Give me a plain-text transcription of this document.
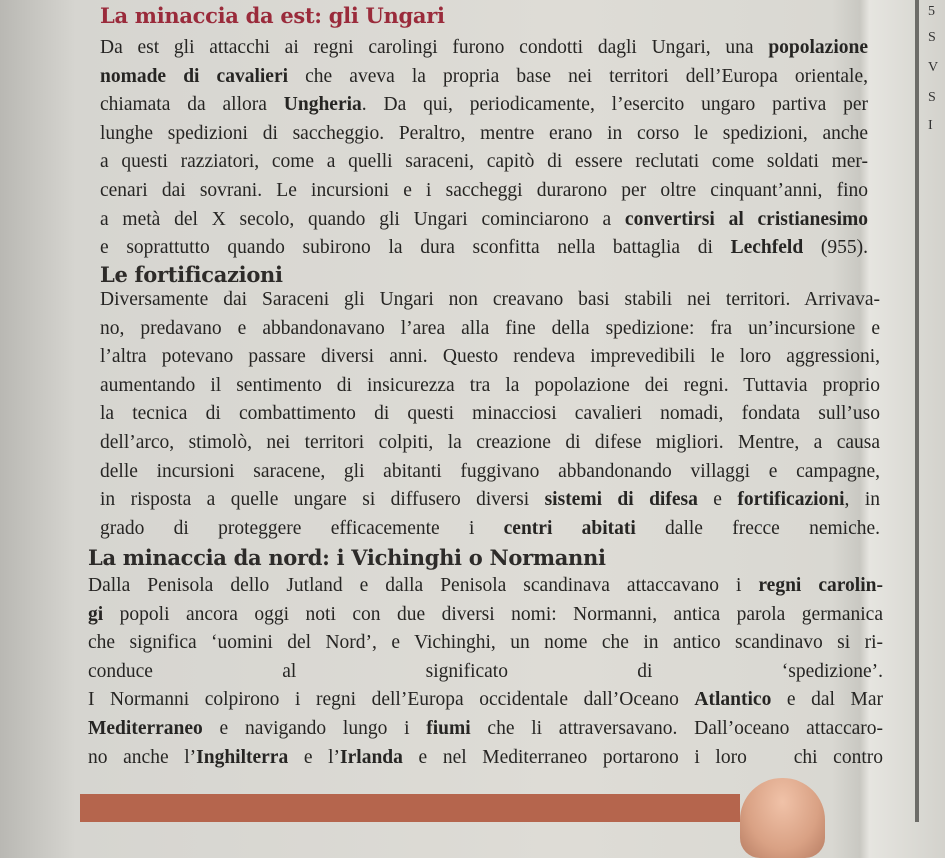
La minaccia da est: gli Ungari
Da est gli attacchi ai regni carolingi furono condotti dagli Ungari, una popolazione
nomade di cavalieri che aveva la propria base nei territori dell’Europa orientale,
chiamata da allora Ungheria. Da qui, periodicamente, l’esercito ungaro partiva per
lunghe spedizioni di saccheggio. Peraltro, mentre erano in corso le spedizioni, anche
a questi razziatori, come a quelli saraceni, capitò di essere reclutati come soldati mer-
cenari dai sovrani. Le incursioni e i saccheggi durarono per oltre cinquant’anni, fino
a metà del X secolo, quando gli Ungari cominciarono a convertirsi al cristianesimo
e soprattutto quando subirono la dura sconfitta nella battaglia di Lechfeld (955).
Le fortificazioni
Diversamente dai Saraceni gli Ungari non creavano basi stabili nei territori. Arrivava-
no, predavano e abbandonavano l’area alla fine della spedizione: fra un’incursione e
l’altra potevano passare diversi anni. Questo rendeva imprevedibili le loro aggressioni,
aumentando il sentimento di insicurezza tra la popolazione dei regni. Tuttavia proprio
la tecnica di combattimento di questi minacciosi cavalieri nomadi, fondata sull’uso
dell’arco, stimolò, nei territori colpiti, la creazione di difese migliori. Mentre, a causa
delle incursioni saracene, gli abitanti fuggivano abbandonando villaggi e campagne,
in risposta a quelle ungare si diffusero diversi sistemi di difesa e fortificazioni, in
grado di proteggere efficacemente i centri abitati dalle frecce nemiche.
La minaccia da nord: i Vichinghi o Normanni
Dalla Penisola dello Jutland e dalla Penisola scandinava attaccavano i regni carolin-
gi popoli ancora oggi noti con due diversi nomi: Normanni, antica parola germanica
che significa ‘uomini del Nord’, e Vichinghi, un nome che in antico scandinavo si ri-
conduce al significato di ‘spedizione’.
I Normanni colpirono i regni dell’Europa occidentale dall’Oceano Atlantico e dal Mar
Mediterraneo e navigando lungo i fiumi che li attraversavano. Dall’oceano attaccaro-
no anche l’Inghilterra e l’Irlanda e nel Mediterraneo portarono i loro   chi contro
5
S
V
S
I
